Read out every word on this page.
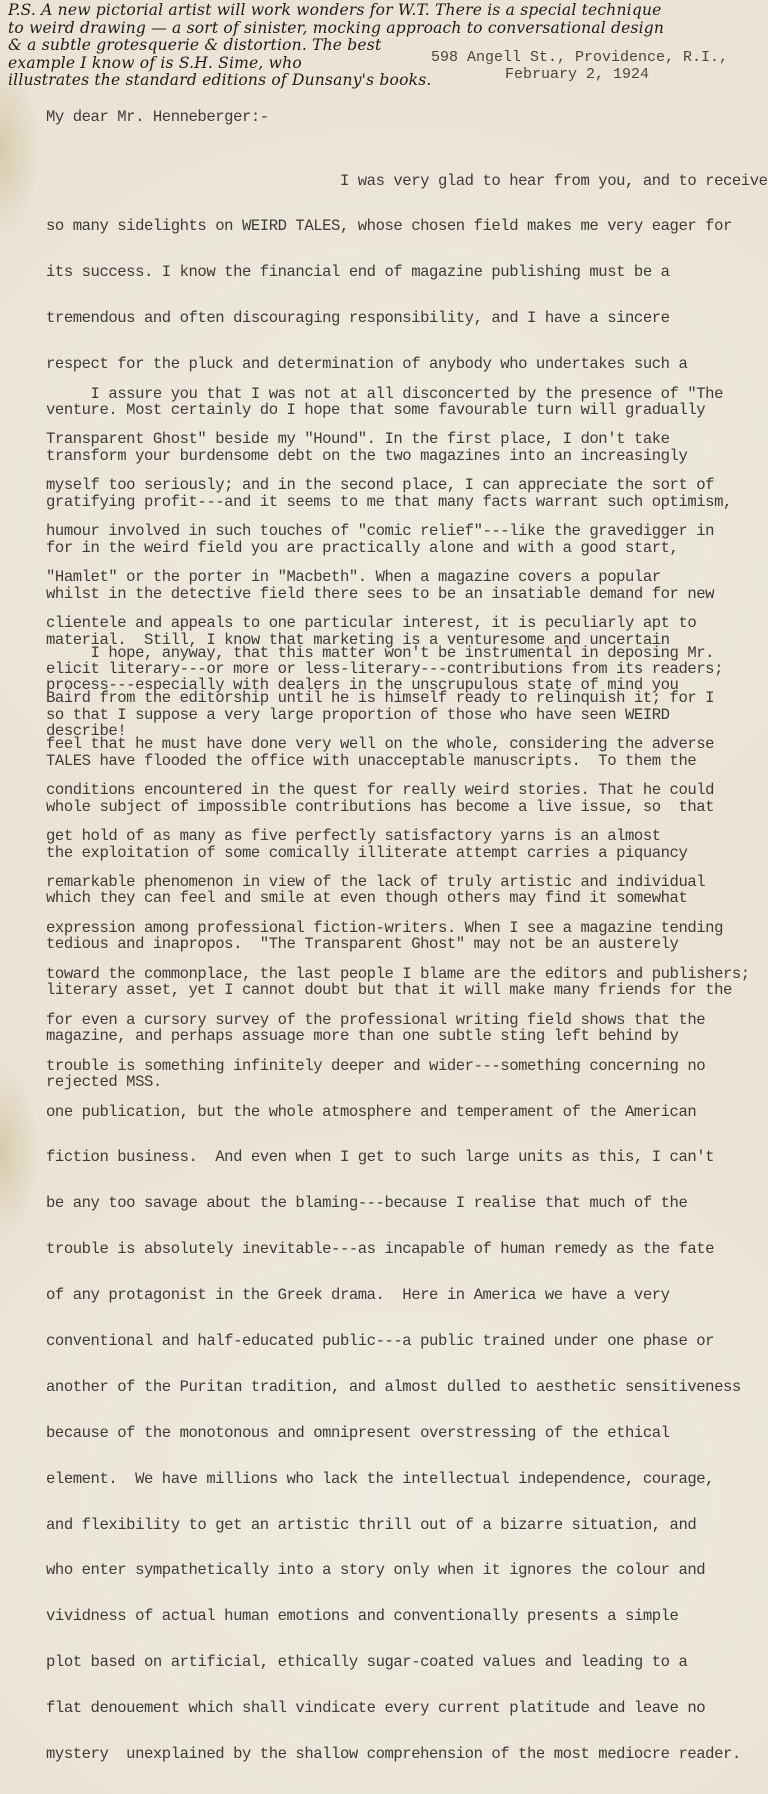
P.S. A new pictorial artist will work wonders for W.T. There is a special technique
to weird drawing — a sort of sinister, mocking approach to conversational design
& a subtle grotesquerie & distortion. The best
example I know of is S.H. Sime, who
illustrates the standard editions of Dunsany's books.
598 Angell St., Providence, R.I.,
February 2, 1924
My dear Mr. Henneberger:-

I was very glad to hear from you, and to receive

so many sidelights on WEIRD TALES, whose chosen field makes me very eager for

its success. I know the financial end of magazine publishing must be a

tremendous and often discouraging responsibility, and I have a sincere

respect for the pluck and determination of anybody who undertakes such a

venture. Most certainly do I hope that some favourable turn will gradually

transform your burdensome debt on the two magazines into an increasingly

gratifying profit---and it seems to me that many facts warrant such optimism,

for in the weird field you are practically alone and with a good start,

whilst in the detective field there sees to be an insatiable demand for new

material.  Still, I know that marketing is a venturesome and uncertain

process---especially with dealers in the unscrupulous state of mind you

describe!

I assure you that I was not at all disconcerted by the presence of "The

Transparent Ghost" beside my "Hound". In the first place, I don't take

myself too seriously; and in the second place, I can appreciate the sort of

humour involved in such touches of "comic relief"---like the gravedigger in

"Hamlet" or the porter in "Macbeth". When a magazine covers a popular

clientele and appeals to one particular interest, it is peculiarly apt to

elicit literary---or more or less-literary---contributions from its readers;

so that I suppose a very large proportion of those who have seen WEIRD

TALES have flooded the office with unacceptable manuscripts.  To them the

whole subject of impossible contributions has become a live issue, so  that

the exploitation of some comically illiterate attempt carries a piquancy

which they can feel and smile at even though others may find it somewhat

tedious and inapropos.  "The Transparent Ghost" may not be an austerely

literary asset, yet I cannot doubt but that it will make many friends for the

magazine, and perhaps assuage more than one subtle sting left behind by

rejected MSS.

I hope, anyway, that this matter won't be instrumental in deposing Mr.

Baird from the editorship until he is himself ready to relinquish it; for I

feel that he must have done very well on the whole, considering the adverse

conditions encountered in the quest for really weird stories. That he could

get hold of as many as five perfectly satisfactory yarns is an almost

remarkable phenomenon in view of the lack of truly artistic and individual

expression among professional fiction-writers. When I see a magazine tending

toward the commonplace, the last people I blame are the editors and publishers;

for even a cursory survey of the professional writing field shows that the

trouble is something infinitely deeper and wider---something concerning no

one publication, but the whole atmosphere and temperament of the American

fiction business.  And even when I get to such large units as this, I can't

be any too savage about the blaming---because I realise that much of the

trouble is absolutely inevitable---as incapable of human remedy as the fate

of any protagonist in the Greek drama.  Here in America we have a very

conventional and half-educated public---a public trained under one phase or

another of the Puritan tradition, and almost dulled to aesthetic sensitiveness

because of the monotonous and omnipresent overstressing of the ethical

element.  We have millions who lack the intellectual independence, courage,

and flexibility to get an artistic thrill out of a bizarre situation, and

who enter sympathetically into a story only when it ignores the colour and

vividness of actual human emotions and conventionally presents a simple

plot based on artificial, ethically sugar-coated values and leading to a

flat denouement which shall vindicate every current platitude and leave no

mystery  unexplained by the shallow comprehension of the most mediocre reader.
